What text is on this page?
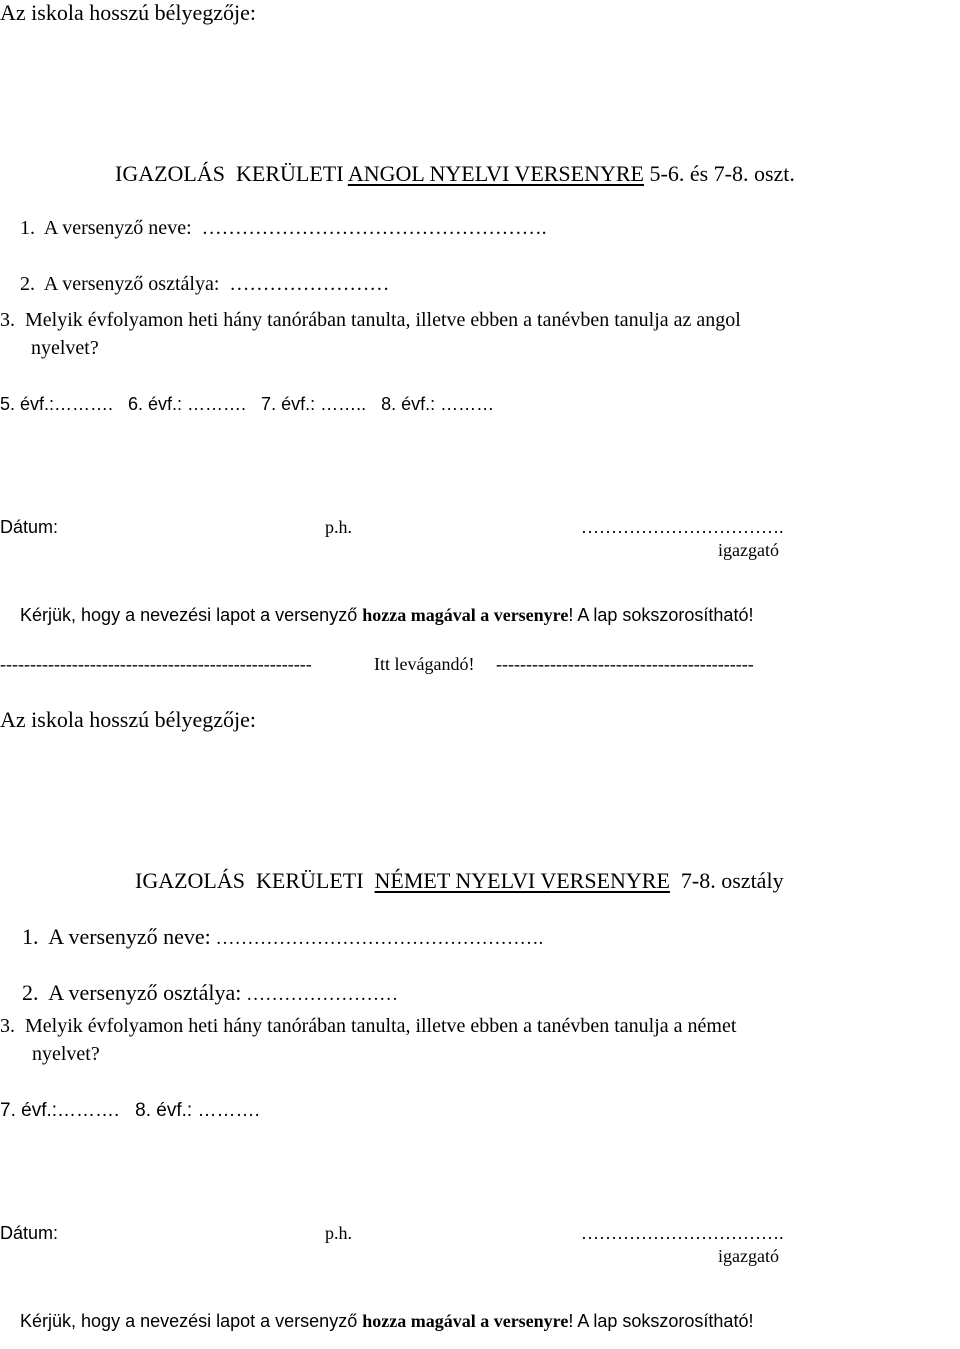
Az iskola hosszú bélyegzője:

IGAZOLÁS  KERÜLETI ANGOL NYELVI VERSENYRE 5-6. és 7-8. oszt.

1.  A versenyző neve:  …………………………………………….

2.  A versenyző osztálya:  ……………………

3.  Melyik évfolyamon heti hány tanórában tanulta, illetve ebben a tanévben tanulja az angol
nyelvet?
5. évf.:……….   6. évf.: ……….   7. évf.: ……..   8. évf.: ………
Dátum:	p.h.	…………………………….
igazgató

Kérjük, hogy a nevezési lapot a versenyző hozza magával a versenyre! A lap sokszorosítható!

----------------------------------------------------	Itt levágandó! -------------------------------------------
Az iskola hosszú bélyegzője:

IGAZOLÁS  KERÜLETI  NÉMET NYELVI VERSENYRE  7-8. osztály

1.  A versenyző neve: …………………………………………….

2.  A versenyző osztálya: ……………………

3.  Melyik évfolyamon heti hány tanórában tanulta, illetve ebben a tanévben tanulja a német
nyelvet?
7. évf.:……….   8. évf.: ……….
Dátum:	p.h.	…………………………….
igazgató

Kérjük, hogy a nevezési lapot a versenyző hozza magával a versenyre! A lap sokszorosítható!
